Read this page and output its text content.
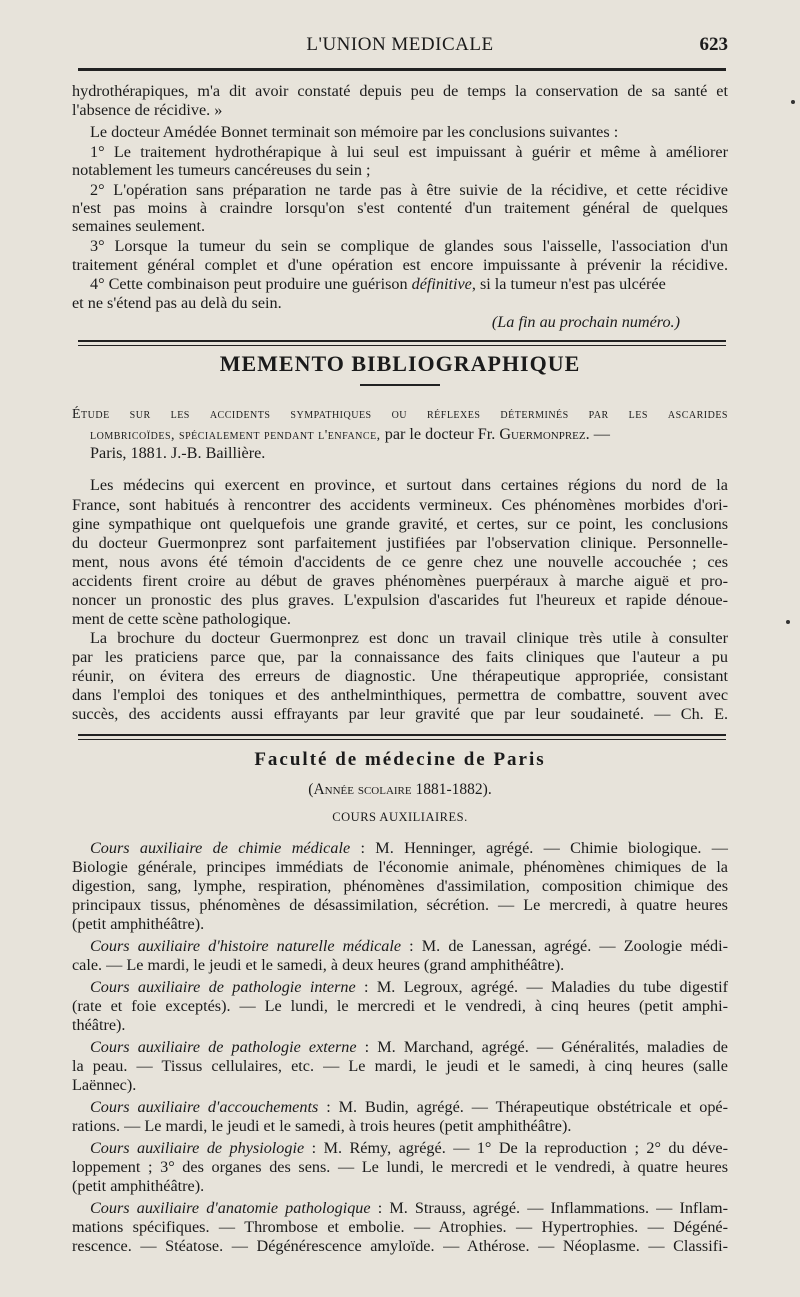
L'UNION MEDICALE	623
hydrothérapiques, m'a dit avoir constaté depuis peu de temps la conservation de sa santé et
l'absence de récidive. »
Le docteur Amédée Bonnet terminait son mémoire par les conclusions suivantes :
1° Le traitement hydrothérapique à lui seul est impuissant à guérir et même à améliorer
notablement les tumeurs cancéreuses du sein ;
2° L'opération sans préparation ne tarde pas à être suivie de la récidive, et cette récidive
n'est pas moins à craindre lorsqu'on s'est contenté d'un traitement général de quelques
semaines seulement.
3° Lorsque la tumeur du sein se complique de glandes sous l'aisselle, l'association d'un
traitement général complet et d'une opération est encore impuissante à prévenir la récidive.
4° Cette combinaison peut produire une guérison définitive, si la tumeur n'est pas ulcérée
et ne s'étend pas au delà du sein.
(La fin au prochain numéro.)
MEMENTO BIBLIOGRAPHIQUE
Étude sur les accidents sympathiques ou réflexes déterminés par les ascarides
lombricoïdes, spécialement pendant l'enfance, par le docteur Fr. Guermonprez. —
Paris, 1881. J.-B. Baillière.
Les médecins qui exercent en province, et surtout dans certaines régions du nord de la
France, sont habitués à rencontrer des accidents vermineux. Ces phénomènes morbides d'ori-
gine sympathique ont quelquefois une grande gravité, et certes, sur ce point, les conclusions
du docteur Guermonprez sont parfaitement justifiées par l'observation clinique. Personnelle-
ment, nous avons été témoin d'accidents de ce genre chez une nouvelle accouchée ; ces
accidents firent croire au début de graves phénomènes puerpéraux à marche aiguë et pro-
noncer un pronostic des plus graves. L'expulsion d'ascarides fut l'heureux et rapide dénoue-
ment de cette scène pathologique.
La brochure du docteur Guermonprez est donc un travail clinique très utile à consulter
par les praticiens parce que, par la connaissance des faits cliniques que l'auteur a pu
réunir, on évitera des erreurs de diagnostic. Une thérapeutique appropriée, consistant
dans l'emploi des toniques et des anthelminthiques, permettra de combattre, souvent avec
succès, des accidents aussi effrayants par leur gravité que par leur soudaineté. — Ch. E.
Faculté de médecine de Paris
(Année scolaire 1881-1882).
COURS AUXILIAIRES.
Cours auxiliaire de chimie médicale : M. Henninger, agrégé. — Chimie biologique. —
Biologie générale, principes immédiats de l'économie animale, phénomènes chimiques de la
digestion, sang, lymphe, respiration, phénomènes d'assimilation, composition chimique des
principaux tissus, phénomènes de désassimilation, sécrétion. — Le mercredi, à quatre heures
(petit amphithéâtre).
Cours auxiliaire d'histoire naturelle médicale : M. de Lanessan, agrégé. — Zoologie médi-
cale. — Le mardi, le jeudi et le samedi, à deux heures (grand amphithéâtre).
Cours auxiliaire de pathologie interne : M. Legroux, agrégé. — Maladies du tube digestif
(rate et foie exceptés). — Le lundi, le mercredi et le vendredi, à cinq heures (petit amphi-
théâtre).
Cours auxiliaire de pathologie externe : M. Marchand, agrégé. — Généralités, maladies de
la peau. — Tissus cellulaires, etc. — Le mardi, le jeudi et le samedi, à cinq heures (salle
Laënnec).
Cours auxiliaire d'accouchements : M. Budin, agrégé. — Thérapeutique obstétricale et opé-
rations. — Le mardi, le jeudi et le samedi, à trois heures (petit amphithéâtre).
Cours auxiliaire de physiologie : M. Rémy, agrégé. — 1° De la reproduction ; 2° du déve-
loppement ; 3° des organes des sens. — Le lundi, le mercredi et le vendredi, à quatre heures
(petit amphithéâtre).
Cours auxiliaire d'anatomie pathologique : M. Strauss, agrégé. — Inflammations. — Inflam-
mations spécifiques. — Thrombose et embolie. — Atrophies. — Hypertrophies. — Dégéné-
rescence. — Stéatose. — Dégénérescence amyloïde. — Athérose. — Néoplasme. — Classifi-
